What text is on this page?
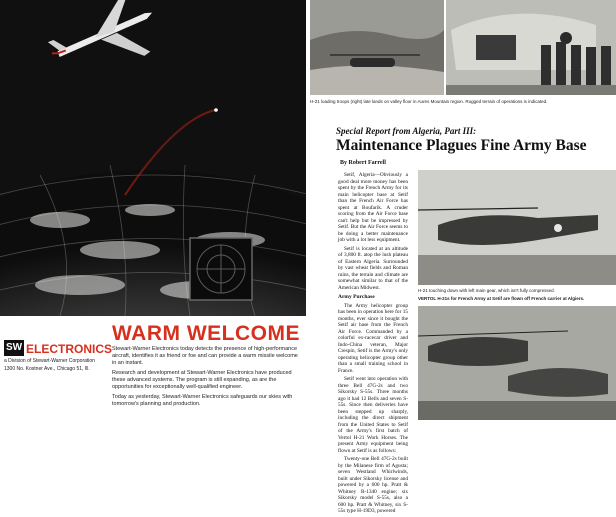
WARM WELCOME
SW ELECTRONICS
a Division of Stewart-Warner Corporation
1300 No. Kostner Ave., Chicago 51, Ill.

Stewart-Warner Electronics today detects the presence of high-performance aircraft, identifies it as friend or foe and can provide a warm missile welcome in an instant.

Research and development at Stewart-Warner Electronics have produced these advanced systems. The program is still expanding, as are the opportunities for exceptionally well-qualified engineer.

Today as yesterday, Stewart-Warner Electronics safeguards our skies with tomorrow's planning and production.

H-21 loading troops (right) late lands on valley floor in Aures Mountain region. Rugged terrain of operations is indicated.
Special Report from Algeria, Part III:
Maintenance Plagues Fine Army Base
By Robert Farrell

Setif, Algeria—Obviously a good deal more money has been spent by the French Army for its main helicopter base at Setif than the French Air Force has spent at Boufarik. A cruder scoring from the Air Force base can't help but be impressed by Setif. But the Air Force seems to be doing a better maintenance job with a lot less equipment.

Setif is located at an altitude of 3,800 ft. atop the lush plateau of Eastern Algeria. Surrounded by vast wheat fields and Roman ruins, the terrain and climate are somewhat similar to that of the American Midwest.

Army Purchase

The Army helicopter group has been in operation here for 15 months, ever since it bought the Setif air base from the French Air Force. Commanded by a colorful ex-racecar driver and Indo-China veteran, Major Crespin, Setif is the Army's only operating helicopter group other than a small training school in France.

Setif went into operation with three Bell 47G-2s and two Sikorsky S-55s. Three months ago it had 12 Bells and seven S-55s. Since then deliveries have been stepped up sharply, including the direct shipment from the United States to Setif of the Army's first batch of Vertol H-21 Work Horses. The present Army equipment being flown at Setif is as follows:

Twenty-one Bell 47G-2s built by the Milanese firm of Agusta; seven Westland Whirlwinds, built under Sikorsky license and powered by a 600 hp. Pratt & Whitney R-1340 engine; six Sikorsky model S-55s, also a 600 hp. Pratt & Whitney, six S-55s type H-19D3, powered

H-21 touching down with left main gear, which isn't fully compressed.
VERTOL H-21s for French Army at Setif are flown off French carrier at Algiers.
